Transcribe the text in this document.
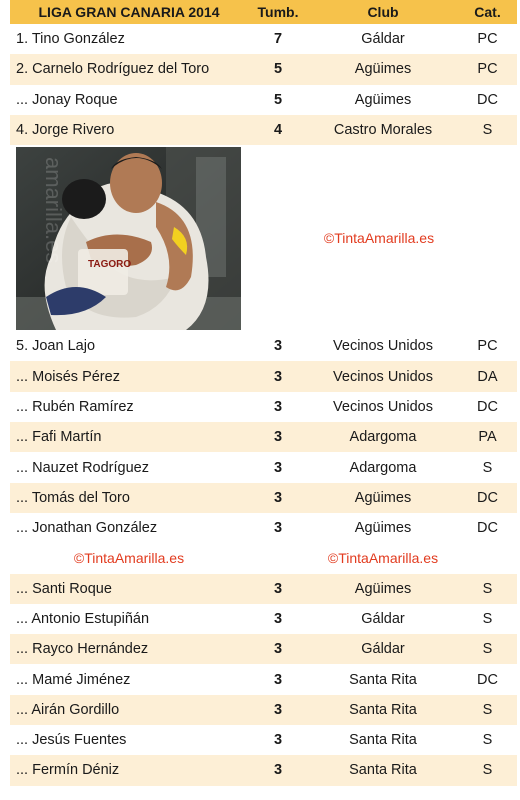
LIGA GRAN CANARIA 2014	Tumb.	Club	Cat.
1. Tino González	7	Gáldar	PC
2. Carnelo Rodríguez del Toro	5	Agüimes	PC
... Jonay Roque	5	Agüimes	DC
4. Jorge Rivero	4	Castro Morales	S
TAGORO
amarilla.es	©TintaAmarilla.es
5. Joan Lajo	3	Vecinos Unidos	PC
... Moisés Pérez	3	Vecinos Unidos	DA
... Rubén Ramírez	3	Vecinos Unidos	DC
... Fafi Martín	3	Adargoma	PA
... Nauzet Rodríguez	3	Adargoma	S
... Tomás del Toro	3	Agüimes	DC
... Jonathan González	3	Agüimes	DC
©TintaAmarilla.es	©TintaAmarilla.es
... Santi Roque	3	Agüimes	S
... Antonio Estupiñán	3	Gáldar	S
... Rayco Hernández	3	Gáldar	S
... Mamé Jiménez	3	Santa Rita	DC
... Airán Gordillo	3	Santa Rita	S
... Jesús Fuentes	3	Santa Rita	S
... Fermín Déniz	3	Santa Rita	S
